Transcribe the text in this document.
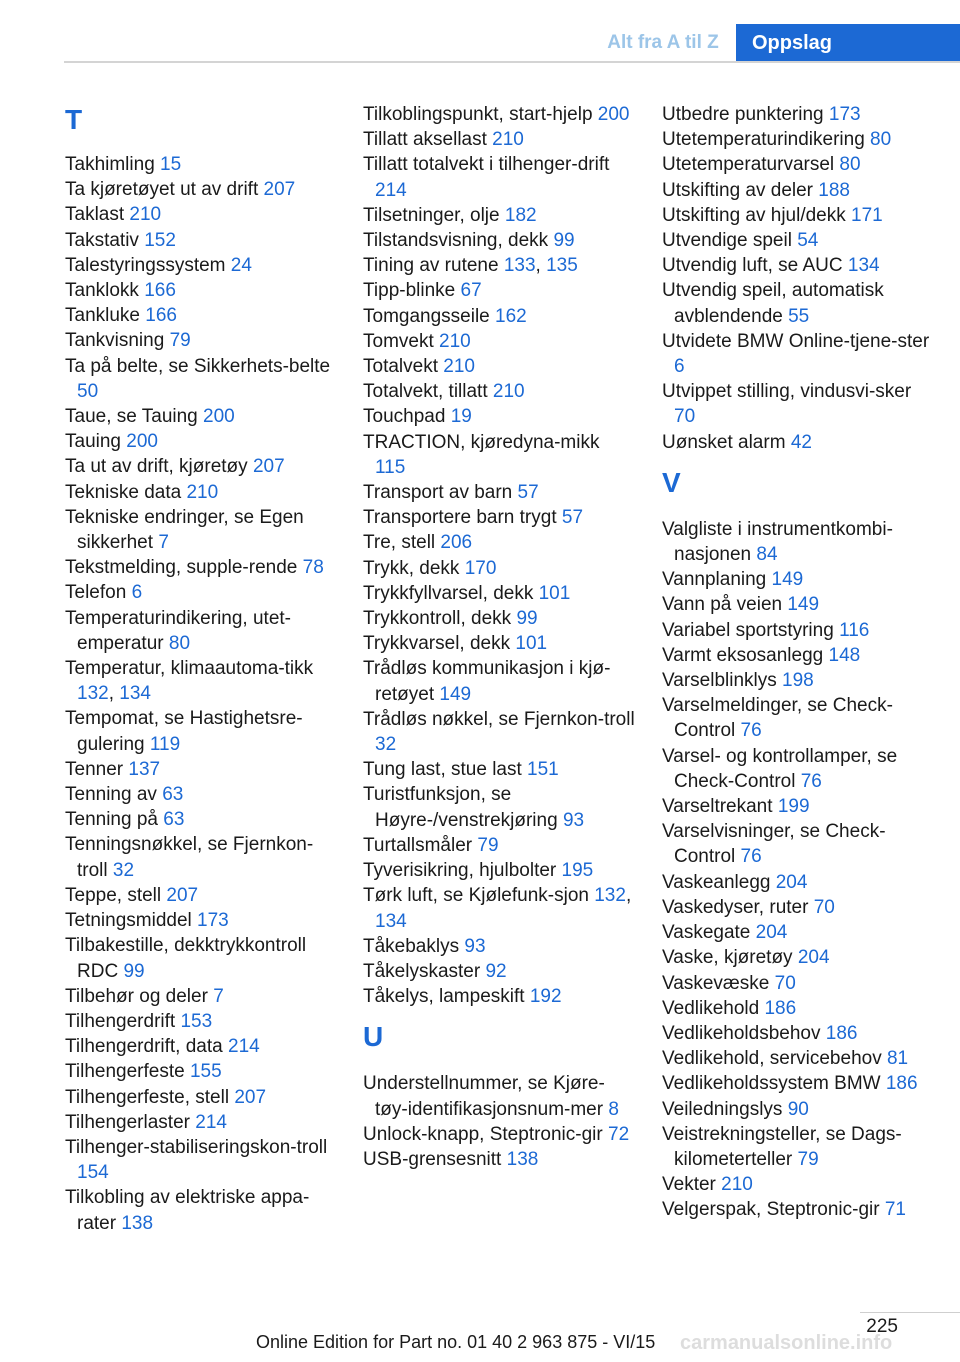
Alt fra A til Z	Oppslag
T
Takhimling 15
Ta kjøretøyet ut av drift 207
Taklast 210
Takstativ 152
Talestyringssystem 24
Tanklokk 166
Tankluke 166
Tankvisning 79
Ta på belte, se Sikkerhets-belte 50
Taue, se Tauing 200
Tauing 200
Ta ut av drift, kjøretøy 207
Tekniske data 210
Tekniske endringer, se Egen sikkerhet 7
Tekstmelding, supple-rende 78
Telefon 6
Temperaturindikering, utet-emperatur 80
Temperatur, klimaautoma-tikk 132, 134
Tempomat, se Hastighetsre-gulering 119
Tenner 137
Tenning av 63
Tenning på 63
Tenningsnøkkel, se Fjernkon-troll 32
Teppe, stell 207
Tetningsmiddel 173
Tilbakestille, dekktrykkontroll RDC 99
Tilbehør og deler 7
Tilhengerdrift 153
Tilhengerdrift, data 214
Tilhengerfeste 155
Tilhengerfeste, stell 207
Tilhengerlaster 214
Tilhenger-stabiliseringskon-troll 154
Tilkobling av elektriske appa-rater 138
Tilkoblingspunkt, start-hjelp 200
Tillatt aksellast 210
Tillatt totalvekt i tilhenger-drift 214
Tilsetninger, olje 182
Tilstandsvisning, dekk 99
Tining av rutene 133, 135
Tipp-blinke 67
Tomgangsseile 162
Tomvekt 210
Totalvekt 210
Totalvekt, tillatt 210
Touchpad 19
TRACTION, kjøredyna-mikk 115
Transport av barn 57
Transportere barn trygt 57
Tre, stell 206
Trykk, dekk 170
Trykkfyllvarsel, dekk 101
Trykkontroll, dekk 99
Trykkvarsel, dekk 101
Trådløs kommunikasjon i kjø-retøyet 149
Trådløs nøkkel, se Fjernkon-troll 32
Tung last, stue last 151
Turistfunksjon, se Høyre-/venstrekjøring 93
Turtallsmåler 79
Tyverisikring, hjulbolter 195
Tørk luft, se Kjølefunk-sjon 132, 134
Tåkebaklys 93
Tåkelyskaster 92
Tåkelys, lampeskift 192
U
Understellnummer, se Kjøre-tøy-identifikasjonsnum-mer 8
Unlock-knapp, Steptronic-gir 72
USB-grensesnitt 138
Utbedre punktering 173
Utetemperaturindikering 80
Utetemperaturvarsel 80
Utskifting av deler 188
Utskifting av hjul/dekk 171
Utvendige speil 54
Utvendig luft, se AUC 134
Utvendig speil, automatisk avblendende 55
Utvidete BMW Online-tjene-ster 6
Utvippet stilling, vindusvi-sker 70
Uønsket alarm 42
V
Valgliste i instrumentkombi-nasjonen 84
Vannplaning 149
Vann på veien 149
Variabel sportstyring 116
Varmt eksosanlegg 148
Varselblinklys 198
Varselmeldinger, se Check-Control 76
Varsel- og kontrollamper, se Check-Control 76
Varseltrekant 199
Varselvisninger, se Check-Control 76
Vaskeanlegg 204
Vaskedyser, ruter 70
Vaskegate 204
Vaske, kjøretøy 204
Vaskevæske 70
Vedlikehold 186
Vedlikeholdsbehov 186
Vedlikehold, servicebehov 81
Vedlikeholdssystem BMW 186
Veiledningslys 90
Veistrekningsteller, se Dags-kilometerteller 79
Vekter 210
Velgerspak, Steptronic-gir 71
225
Online Edition for Part no. 01 40 2 963 875 - VI/15	carmanualsonline.info
